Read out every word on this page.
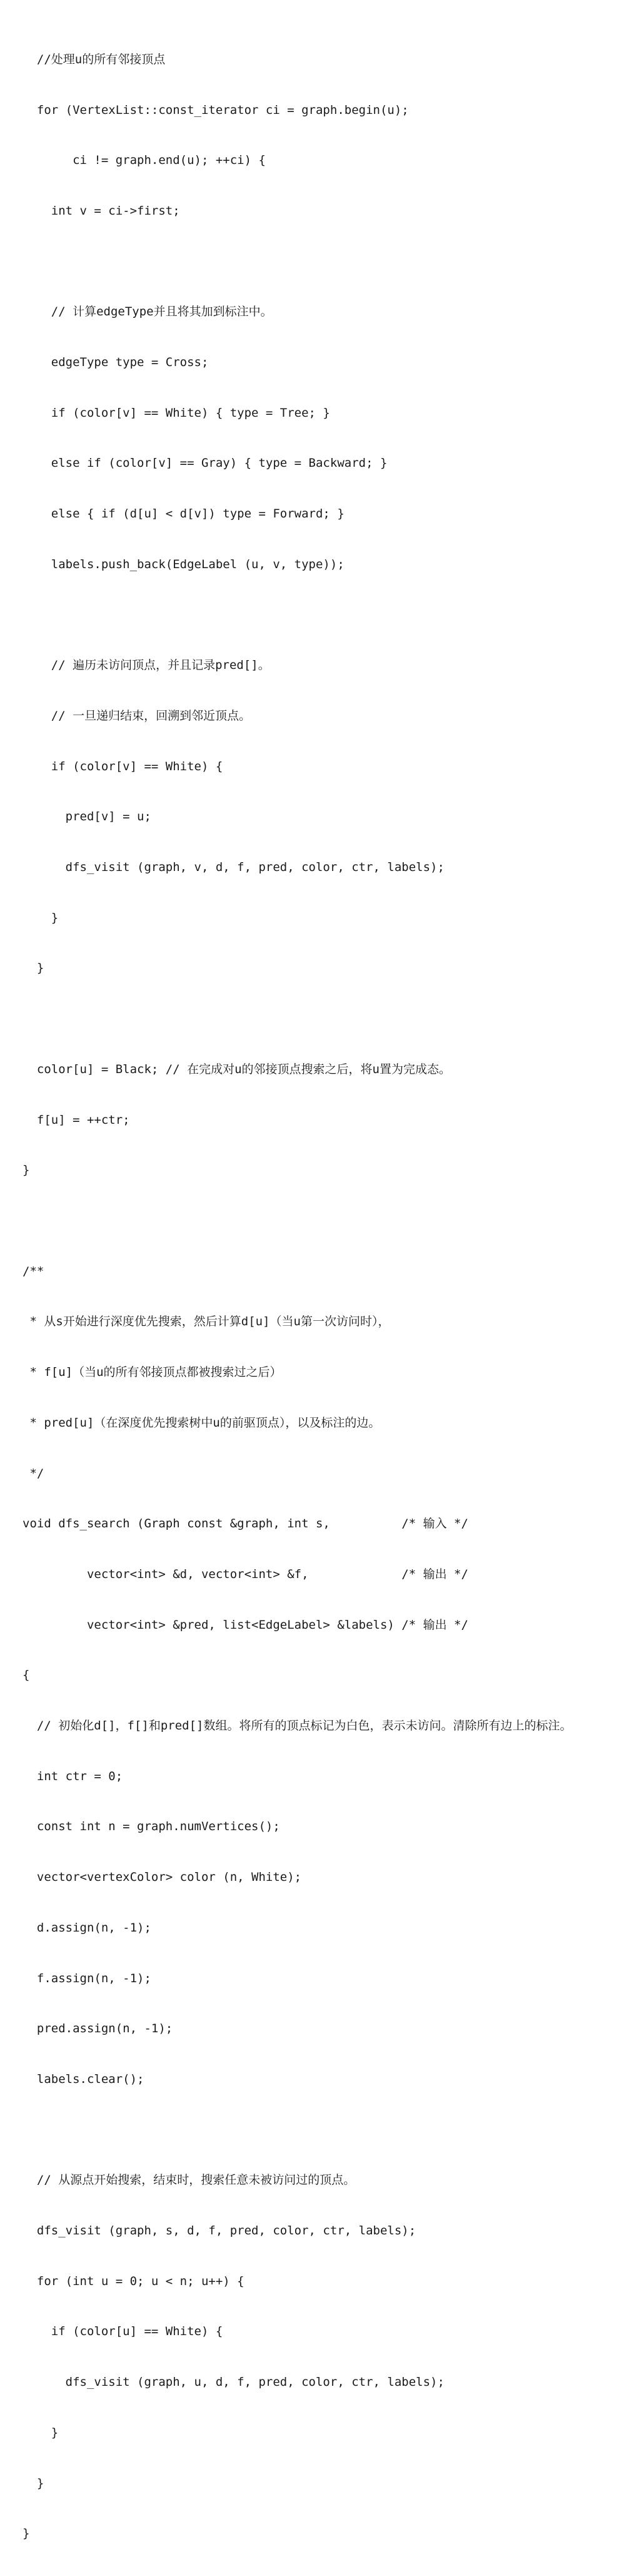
//处理u的所有邻接顶点

for (VertexList::const_iterator ci = graph.begin(u);

ci != graph.end(u); ++ci) {

int v = ci->first;

// 计算edgeType并且将其加到标注中。

edgeType type = Cross;

if (color[v] == White) { type = Tree; }

else if (color[v] == Gray) { type = Backward; }

else { if (d[u] < d[v]) type = Forward; }

labels.push_back(EdgeLabel (u, v, type));

// 遍历未访问顶点，并且记录pred[]。

// 一旦递归结束，回溯到邻近顶点。

if (color[v] == White) {

pred[v] = u;

dfs_visit (graph, v, d, f, pred, color, ctr, labels);

}

}

color[u] = Black; // 在完成对u的邻接顶点搜索之后，将u置为完成态。

f[u] = ++ctr;

}

/**

* 从s开始进行深度优先搜索，然后计算d[u]（当u第一次访问时），

* f[u]（当u的所有邻接顶点都被搜索过之后）

* pred[u]（在深度优先搜索树中u的前驱顶点），以及标注的边。

*/

void dfs_search (Graph const &graph, int s,          /* 输入 */

vector<int> &d, vector<int> &f,             /* 输出 */

vector<int> &pred, list<EdgeLabel> &labels) /* 输出 */

{

// 初始化d[]，f[]和pred[]数组。将所有的顶点标记为白色，表示未访问。清除所有边上的标注。

int ctr = 0;

const int n = graph.numVertices();

vector<vertexColor> color (n, White);

d.assign(n, -1);

f.assign(n, -1);

pred.assign(n, -1);

labels.clear();

// 从源点开始搜索，结束时，搜索任意未被访问过的顶点。

dfs_visit (graph, s, d, f, pred, color, ctr, labels);

for (int u = 0; u < n; u++) {

if (color[u] == White) {

dfs_visit (graph, u, d, f, pred, color, ctr, labels);

}

}

}
